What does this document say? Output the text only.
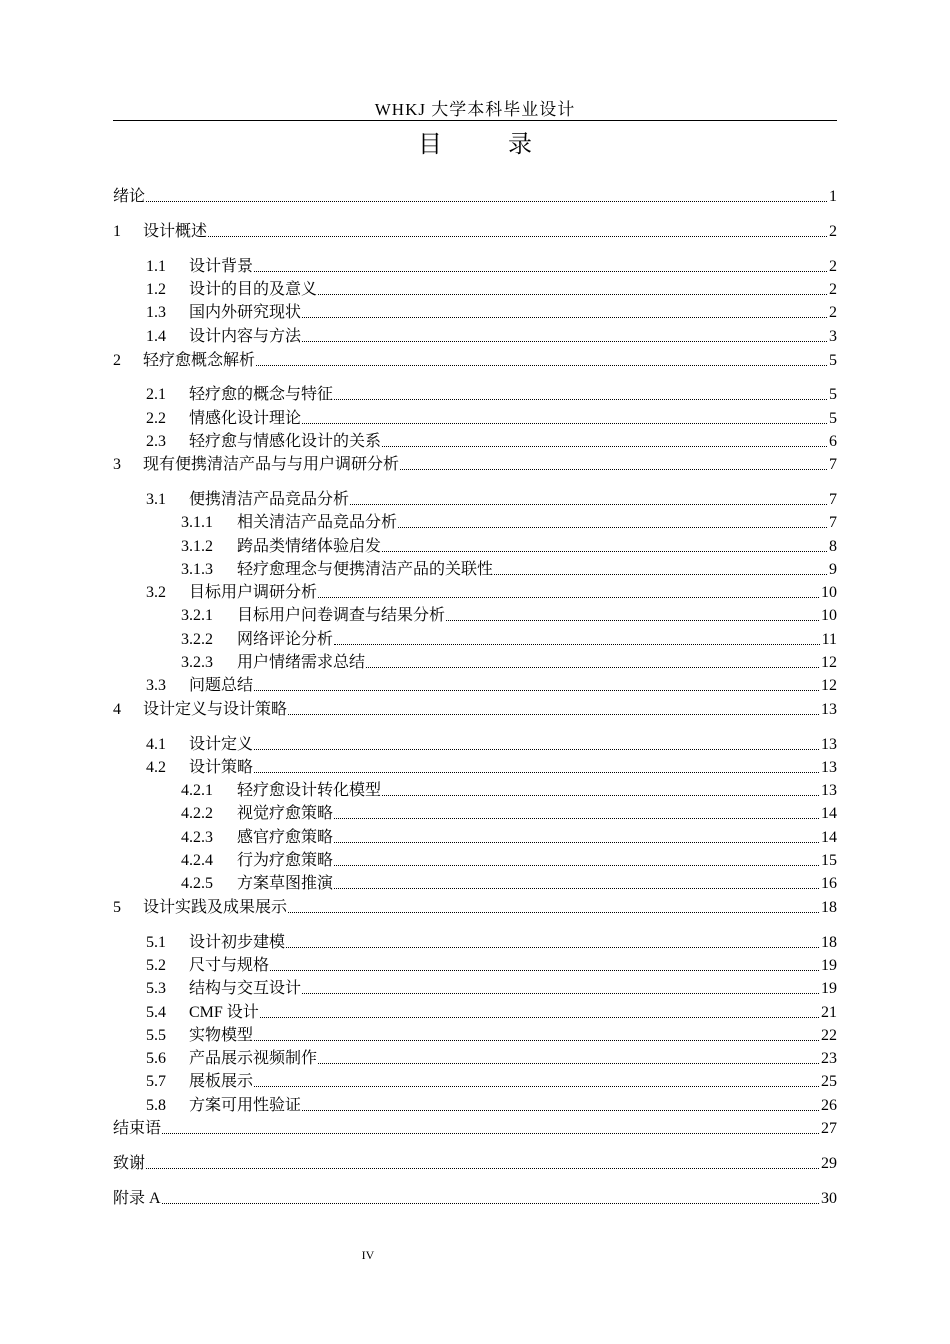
WHKJ 大学本科毕业设计
目 录
绪论	1
1	设计概述	2
1.1	设计背景	2
1.2	设计的目的及意义	2
1.3	国内外研究现状	2
1.4	设计内容与方法	3
2	轻疗愈概念解析	5
2.1	轻疗愈的概念与特征	5
2.2	情感化设计理论	5
2.3	轻疗愈与情感化设计的关系	6
3	现有便携清洁产品与与用户调研分析	7
3.1	便携清洁产品竞品分析	7
3.1.1	相关清洁产品竞品分析	7
3.1.2	跨品类情绪体验启发	8
3.1.3	轻疗愈理念与便携清洁产品的关联性	9
3.2	目标用户调研分析	10
3.2.1	目标用户问卷调查与结果分析	10
3.2.2	网络评论分析	11
3.2.3	用户情绪需求总结	12
3.3	问题总结	12
4	设计定义与设计策略	13
4.1	设计定义	13
4.2	设计策略	13
4.2.1	轻疗愈设计转化模型	13
4.2.2	视觉疗愈策略	14
4.2.3	感官疗愈策略	14
4.2.4	行为疗愈策略	15
4.2.5	方案草图推演	16
5	设计实践及成果展示	18
5.1	设计初步建模	18
5.2	尺寸与规格	19
5.3	结构与交互设计	19
5.4	CMF 设计	21
5.5	实物模型	22
5.6	产品展示视频制作	23
5.7	展板展示	25
5.8	方案可用性验证	26
结束语	27
致谢	29
附录 A	30
IV
